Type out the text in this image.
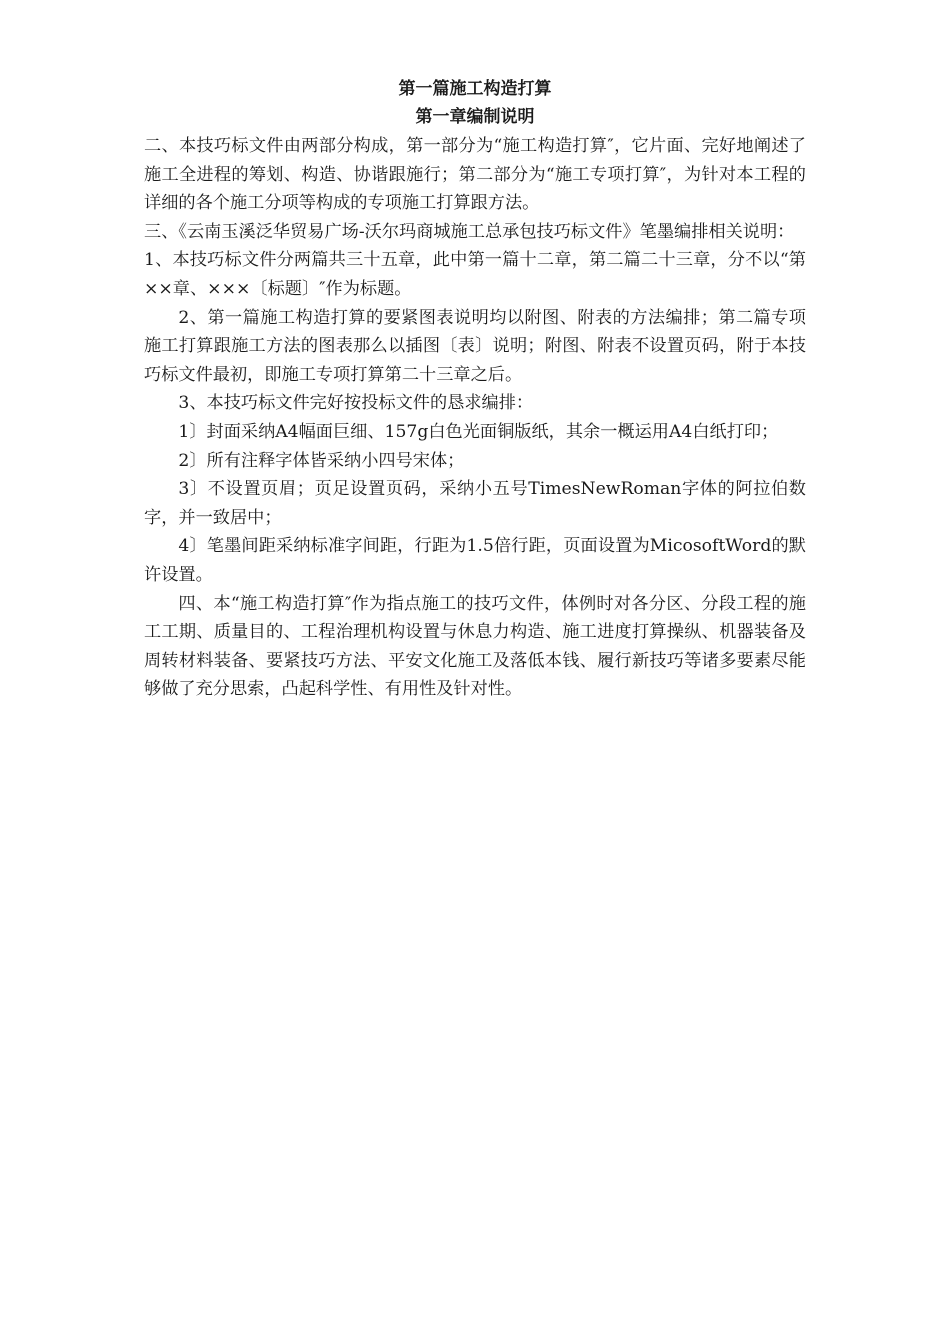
第一篇施工构造打算
第一章编制说明

二、本技巧标文件由两部分构成，第一部分为“施工构造打算″，它片面、完好地阐述了施工全进程的筹划、构造、协谐跟施行；第二部分为“施工专项打算″，为针对本工程的详细的各个施工分项等构成的专项施工打算跟方法。

三、《云南玉溪泛华贸易广场-沃尔玛商城施工总承包技巧标文件》笔墨编排相关说明：

1、本技巧标文件分两篇共三十五章，此中第一篇十二章，第二篇二十三章，分不以“第××章、×××〔标题〕″作为标题。

2、第一篇施工构造打算的要紧图表说明均以附图、附表的方法编排；第二篇专项施工打算跟施工方法的图表那么以插图〔表〕说明；附图、附表不设置页码，附于本技巧标文件最初，即施工专项打算第二十三章之后。

3、本技巧标文件完好按投标文件的恳求编排：

1〕封面采纳A4幅面巨细、157g白色光面铜版纸，其余一概运用A4白纸打印；

2〕所有注释字体皆采纳小四号宋体；

3〕不设置页眉；页足设置页码，采纳小五号TimesNewRoman字体的阿拉伯数字，并一致居中；

4〕笔墨间距采纳标准字间距，行距为1.5倍行距，页面设置为MicosoftWord的默许设置。

四、本“施工构造打算″作为指点施工的技巧文件，体例时对各分区、分段工程的施工工期、质量目的、工程治理机构设置与休息力构造、施工进度打算操纵、机器装备及周转材料装备、要紧技巧方法、平安文化施工及落低本钱、履行新技巧等诸多要素尽能够做了充分思索，凸起科学性、有用性及针对性。
